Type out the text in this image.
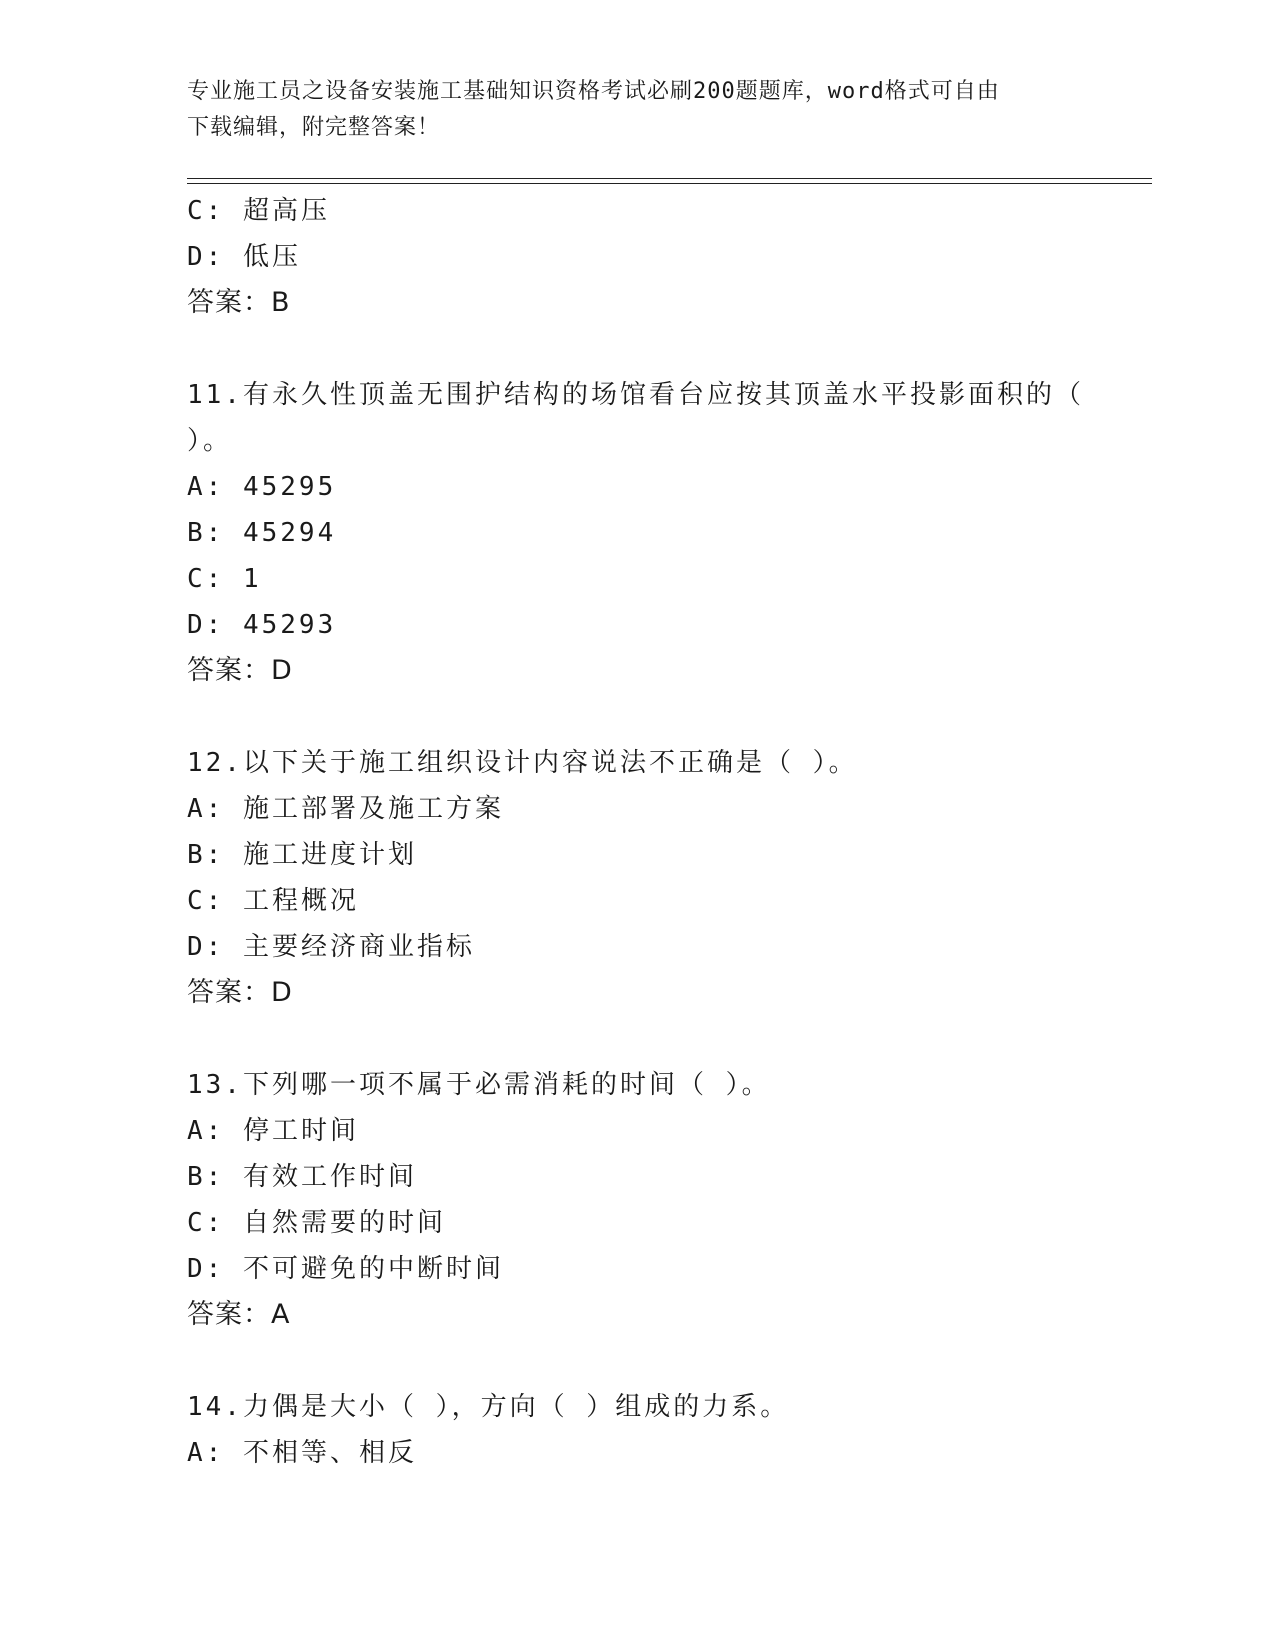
专业施工员之设备安装施工基础知识资格考试必刷200题题库，word格式可自由
下载编辑，附完整答案！
C: 超高压
D: 低压
答案：B
11.有永久性顶盖无围护结构的场馆看台应按其顶盖水平投影面积的（
）。
A: 45295
B: 45294
C: 1
D: 45293
答案：D
12.以下关于施工组织设计内容说法不正确是（ ）。
A: 施工部署及施工方案
B: 施工进度计划
C: 工程概况
D: 主要经济商业指标
答案：D
13.下列哪一项不属于必需消耗的时间（ ）。
A: 停工时间
B: 有效工作时间
C: 自然需要的时间
D: 不可避免的中断时间
答案：A
14.力偶是大小（ ），方向（ ）组成的力系。
A: 不相等、相反
